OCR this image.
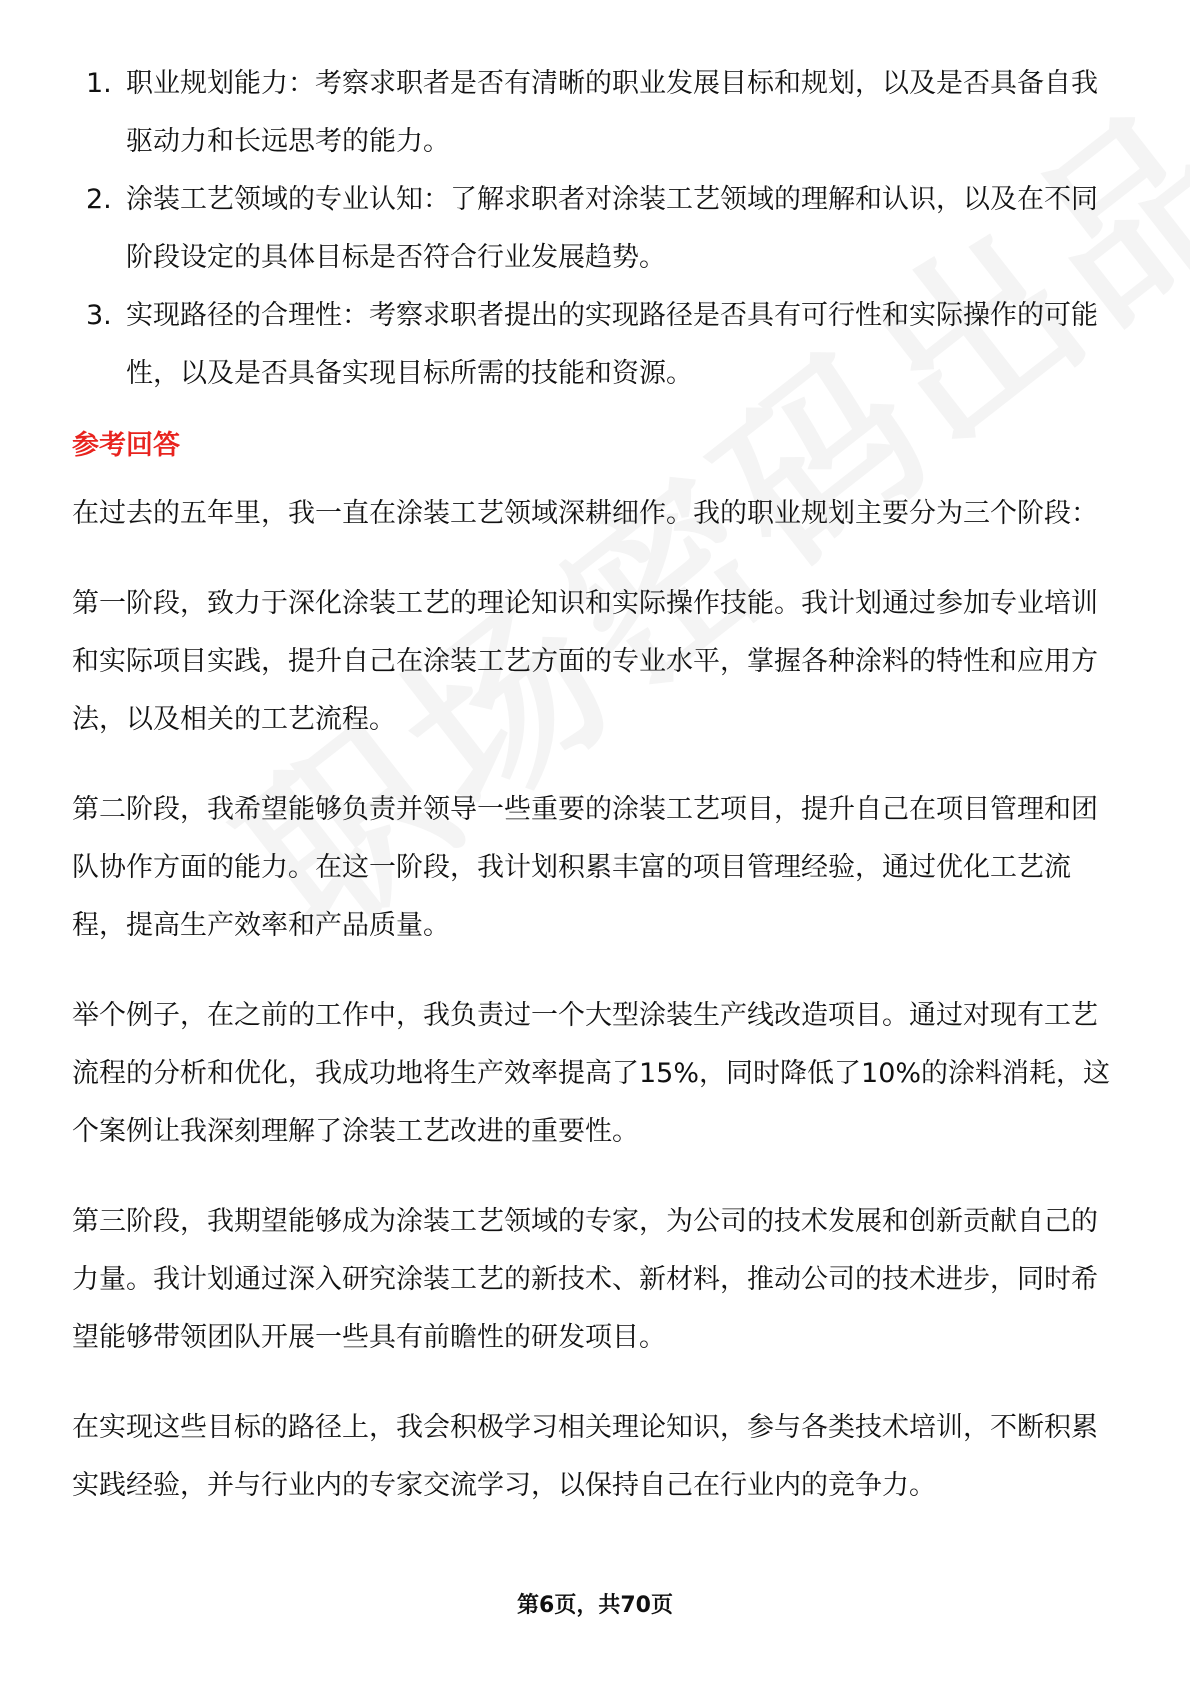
1. 职业规划能力：考察求职者是否有清晰的职业发展目标和规划，以及是否具备自我驱动力和长远思考的能力。
2. 涂装工艺领域的专业认知：了解求职者对涂装工艺领域的理解和认识，以及在不同阶段设定的具体目标是否符合行业发展趋势。
3. 实现路径的合理性：考察求职者提出的实现路径是否具有可行性和实际操作的可能性，以及是否具备实现目标所需的技能和资源。
参考回答

在过去的五年里，我一直在涂装工艺领域深耕细作。我的职业规划主要分为三个阶段：

第一阶段，致力于深化涂装工艺的理论知识和实际操作技能。我计划通过参加专业培训和实际项目实践，提升自己在涂装工艺方面的专业水平，掌握各种涂料的特性和应用方法，以及相关的工艺流程。

第二阶段，我希望能够负责并领导一些重要的涂装工艺项目，提升自己在项目管理和团队协作方面的能力。在这一阶段，我计划积累丰富的项目管理经验，通过优化工艺流程，提高生产效率和产品质量。

举个例子，在之前的工作中，我负责过一个大型涂装生产线改造项目。通过对现有工艺流程的分析和优化，我成功地将生产效率提高了15%，同时降低了10%的涂料消耗，这个案例让我深刻理解了涂装工艺改进的重要性。

第三阶段，我期望能够成为涂装工艺领域的专家，为公司的技术发展和创新贡献自己的力量。我计划通过深入研究涂装工艺的新技术、新材料，推动公司的技术进步，同时希望能够带领团队开展一些具有前瞻性的研发项目。

在实现这些目标的路径上，我会积极学习相关理论知识，参与各类技术培训，不断积累实践经验，并与行业内的专家交流学习，以保持自己在行业内的竞争力。

第6页，共70页
